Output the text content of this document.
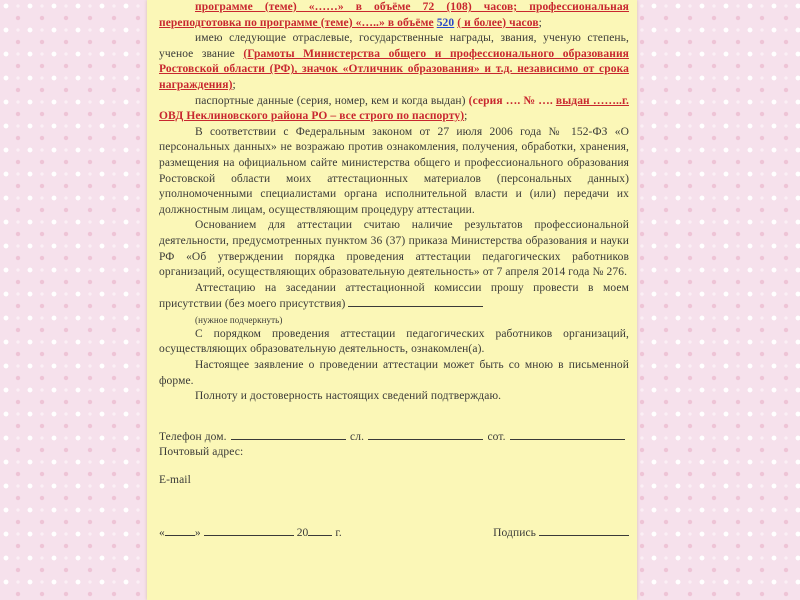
программе (теме) «……» в объёме 72 (108) часов; профессиональная переподготовка по программе (теме) «…..» в объёме 520 ( и более) часов;

имею следующие отраслевые, государственные награды, звания, ученую степень, ученое звание (Грамоты Министерства общего и профессионального образования Ростовской области (РФ), значок «Отличник образования» и т.д. независимо от срока награждения);

паспортные данные (серия, номер, кем и когда выдан) (серия …. № …. выдан ……..г. ОВД Неклиновского района РО – все строго по паспорту);

В соответствии с Федеральным законом от 27 июля 2006 года № 152-ФЗ «О персональных данных» не возражаю против ознакомления, получения, обработки, хранения, размещения на официальном сайте министерства общего и профессионального образования Ростовской области моих аттестационных материалов (персональных данных) уполномоченными специалистами органа исполнительной власти и (или) передачи их должностным лицам, осуществляющим процедуру аттестации.

Основанием для аттестации считаю наличие результатов профессиональной деятельности, предусмотренных пунктом 36 (37) приказа Министерства образования и науки РФ «Об утверждении порядка проведения аттестации педагогических работников организаций, осуществляющих образовательную деятельность» от 7 апреля 2014 года № 276.

Аттестацию на заседании аттестационной комиссии прошу провести в моем присутствии (без моего присутствия)

(нужное подчеркнуть)

С порядком проведения аттестации педагогических работников организаций, осуществляющих образовательную деятельность, ознакомлен(а).

Настоящее заявление о проведении аттестации может быть со мною в письменной форме.

Полноту и достоверность настоящих сведений подтверждаю.

Телефон дом.	сл.	сот.
Почтовый адрес:
E-mail
«	»	20 г.	Подпись
